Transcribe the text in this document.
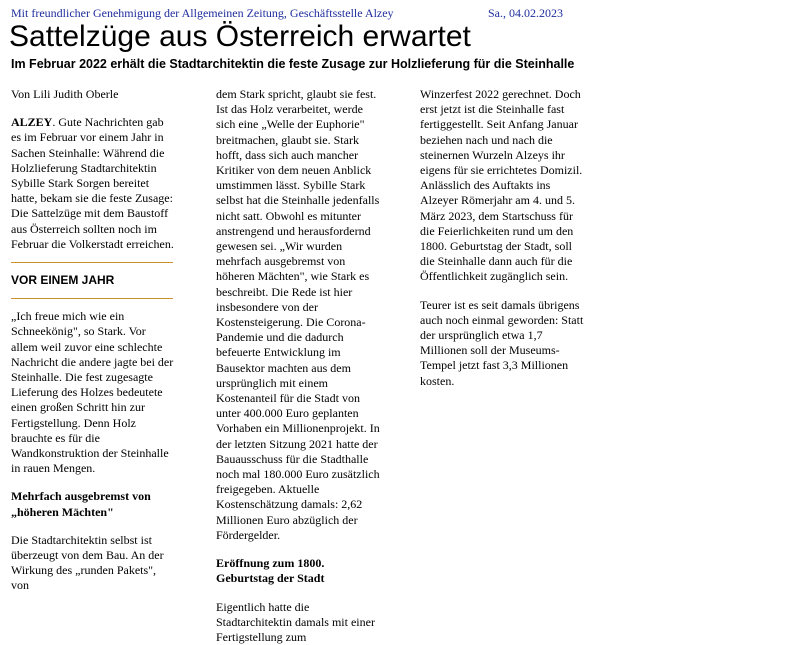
Mit freundlicher Genehmigung der Allgemeinen Zeitung, Geschäftsstelle Alzey	Sa., 04.02.2023
Sattelzüge aus Österreich erwartet
Im Februar 2022 erhält die Stadtarchitektin die feste Zusage zur Holzlieferung für die Steinhalle

Von Lili Judith Oberle

ALZEY. Gute Nachrichten gab es im Februar vor einem Jahr in Sachen Steinhalle: Während die Holzlieferung Stadtarchitektin Sybille Stark Sorgen bereitet hatte, bekam sie die feste Zusage: Die Sattelzüge mit dem Baustoff aus Österreich sollten noch im Februar die Volkerstadt erreichen.

VOR EINEM JAHR

„Ich freue mich wie ein Schneekönig", so Stark. Vor allem weil zuvor eine schlechte Nachricht die andere jagte bei der Steinhalle. Die fest zugesagte Lieferung des Holzes bedeutete einen großen Schritt hin zur Fertigstellung. Denn Holz brauchte es für die Wandkonstruktion der Steinhalle in rauen Mengen.

Mehrfach ausgebremst von „höheren Mächten"

Die Stadtarchitektin selbst ist überzeugt von dem Bau. An der Wirkung des „runden Pakets", von

dem Stark spricht, glaubt sie fest. Ist das Holz verarbeitet, werde sich eine „Welle der Euphorie" breitmachen, glaubt sie. Stark hofft, dass sich auch mancher Kritiker von dem neuen Anblick umstimmen lässt. Sybille Stark selbst hat die Steinhalle jedenfalls nicht satt. Obwohl es mitunter anstrengend und herausfordernd gewesen sei. „Wir wurden mehrfach ausgebremst von höheren Mächten", wie Stark es beschreibt. Die Rede ist hier insbesondere von der Kostensteigerung. Die Corona-Pandemie und die dadurch befeuerte Entwicklung im Bausektor machten aus dem ursprünglich mit einem Kostenanteil für die Stadt von unter 400.000 Euro geplanten Vorhaben ein Millionenprojekt. In der letzten Sitzung 2021 hatte der Bauausschuss für die Stadthalle noch mal 180.000 Euro zusätzlich freigegeben. Aktuelle Kostenschätzung damals: 2,62 Millionen Euro abzüglich der Fördergelder.

Eröffnung zum 1800. Geburtstag der Stadt

Eigentlich hatte die Stadtarchitektin damals mit einer Fertigstellung zum

Winzerfest 2022 gerechnet. Doch erst jetzt ist die Steinhalle fast fertiggestellt. Seit Anfang Januar beziehen nach und nach die steinernen Wurzeln Alzeys ihr eigens für sie errichtetes Domizil. Anlässlich des Auftakts ins Alzeyer Römerjahr am 4. und 5. März 2023, dem Startschuss für die Feierlichkeiten rund um den 1800. Geburtstag der Stadt, soll die Steinhalle dann auch für die Öffentlichkeit zugänglich sein.

Teurer ist es seit damals übrigens auch noch einmal geworden: Statt der ursprünglich etwa 1,7 Millionen soll der Museums-Tempel jetzt fast 3,3 Millionen kosten.
